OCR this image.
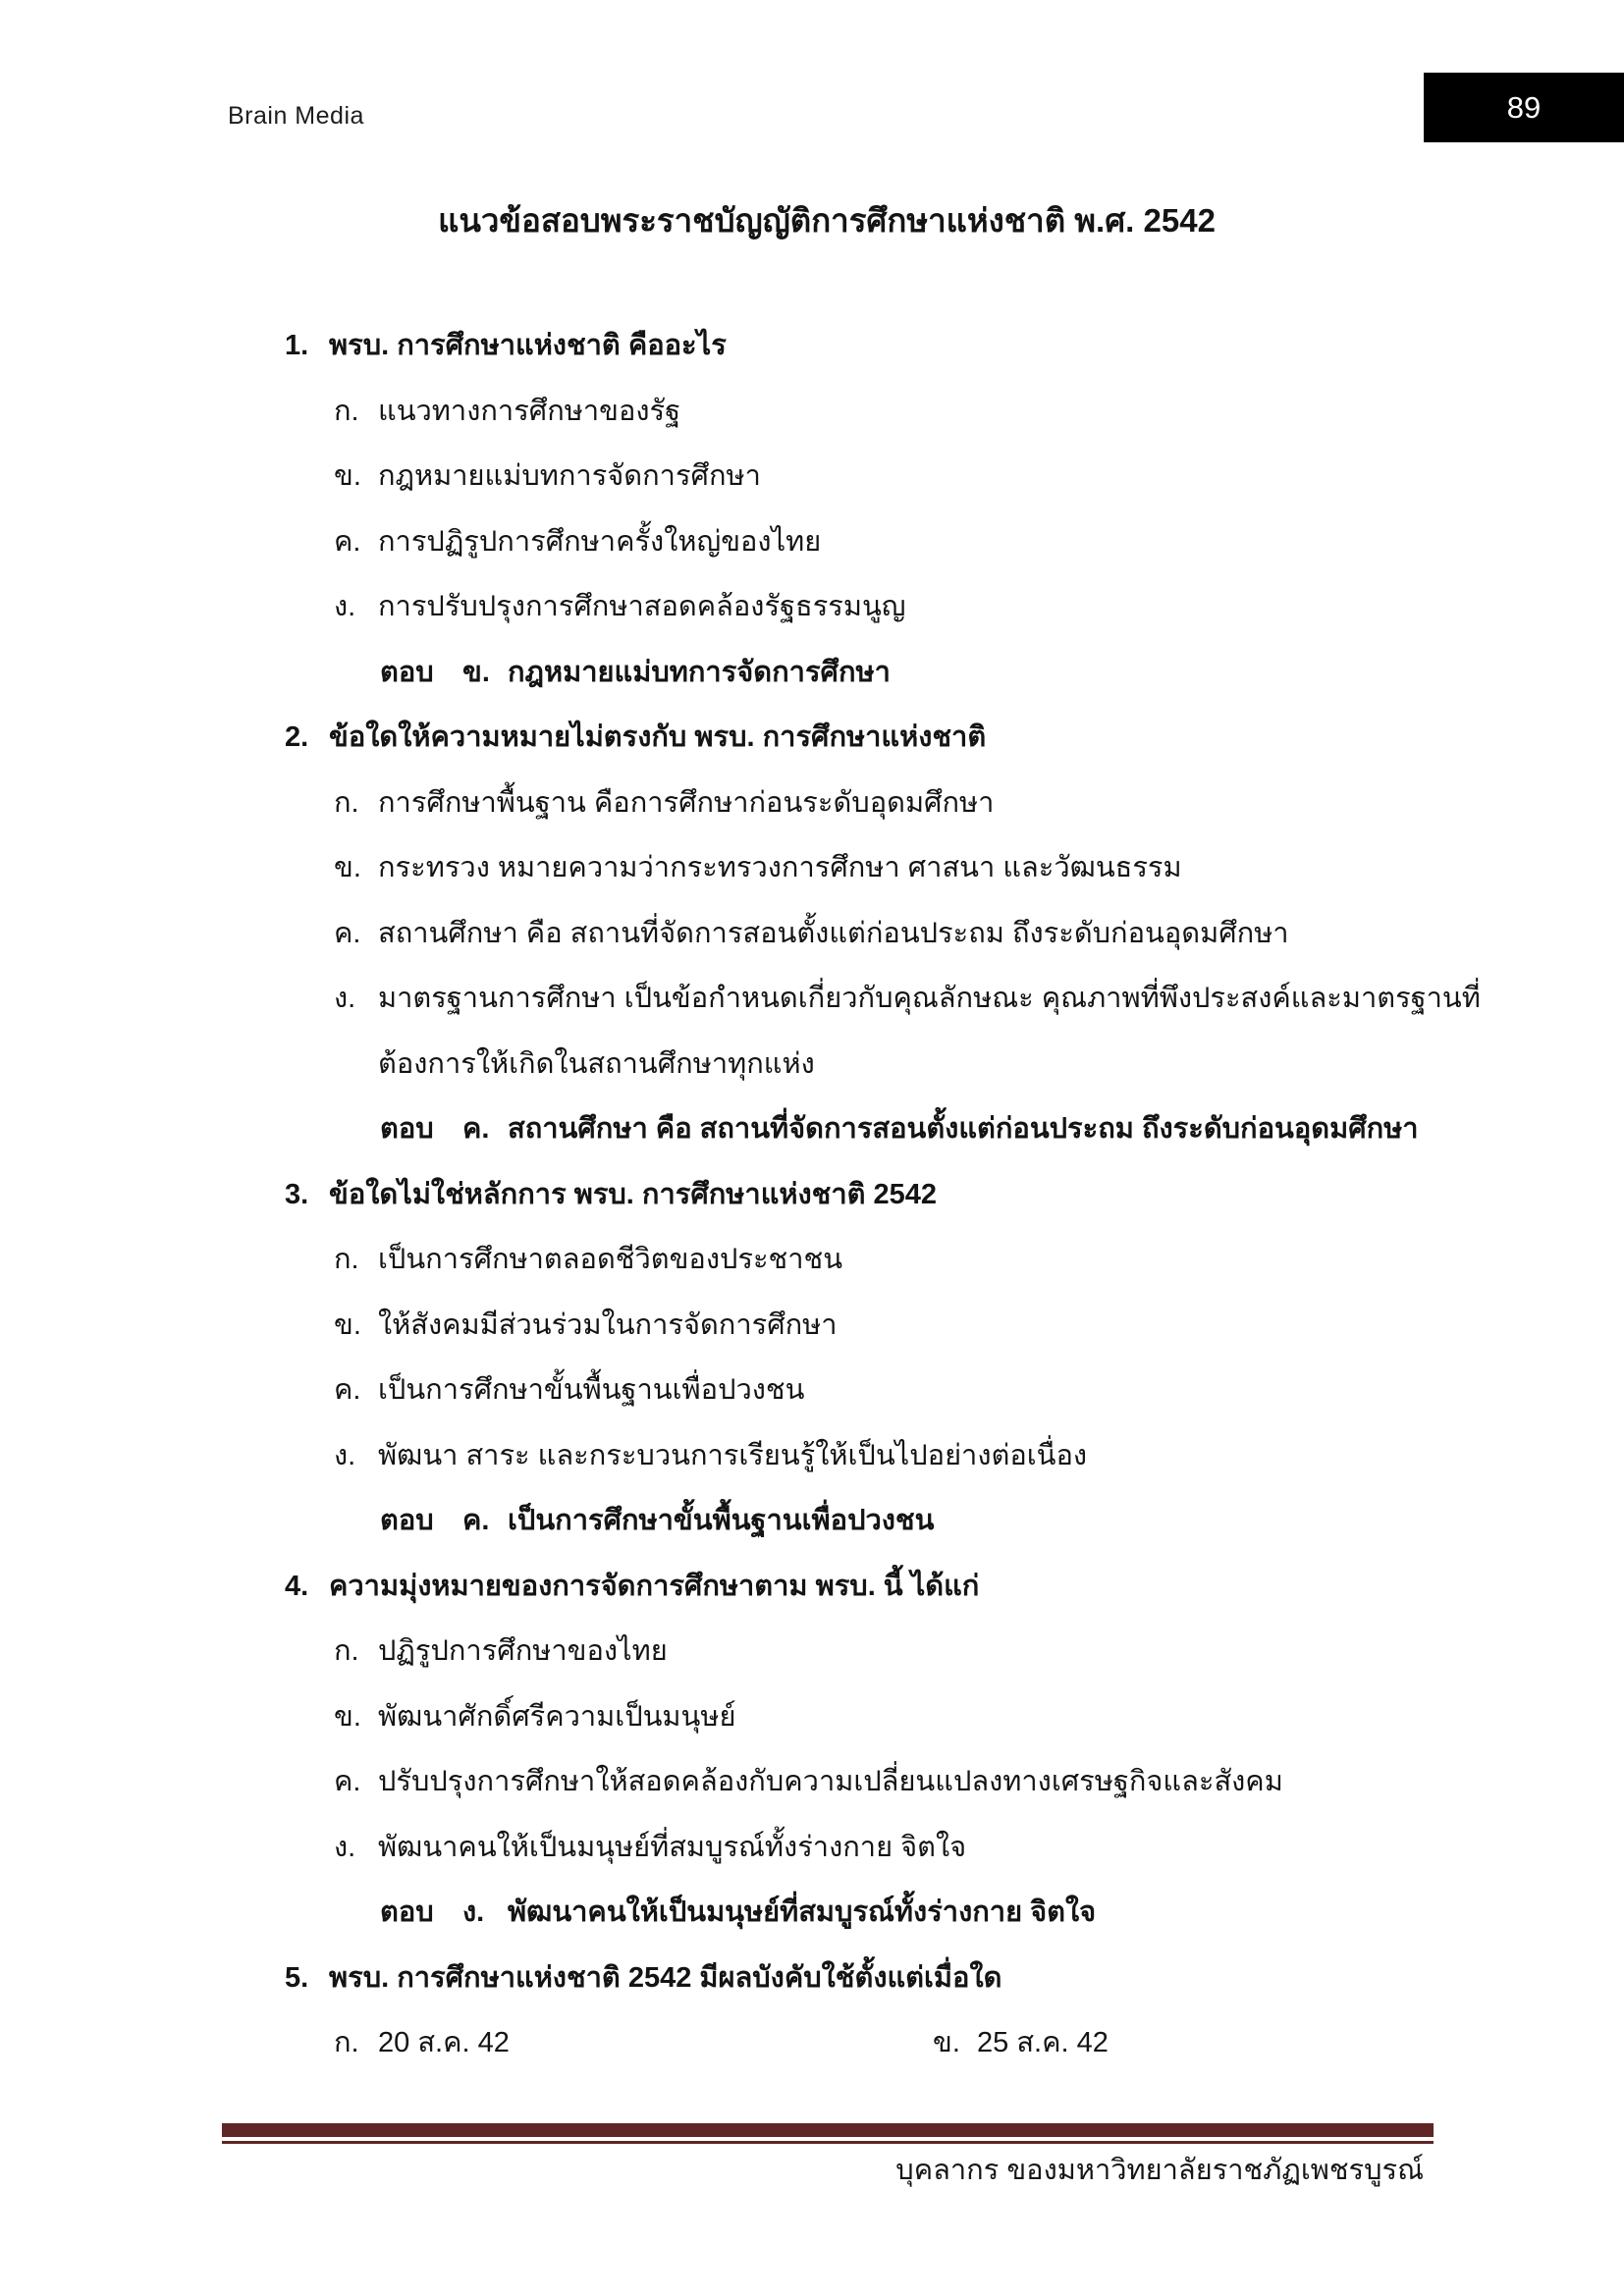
Brain Media	89
แนวข้อสอบพระราชบัญญัติการศึกษาแห่งชาติ พ.ศ. 2542
1. พรบ. การศึกษาแห่งชาติ คืออะไร
ก. แนวทางการศึกษาของรัฐ
ข. กฎหมายแม่บทการจัดการศึกษา
ค. การปฏิรูปการศึกษาครั้งใหญ่ของไทย
ง. การปรับปรุงการศึกษาสอดคล้องรัฐธรรมนูญ
ตอบ ข. กฎหมายแม่บทการจัดการศึกษา
2. ข้อใดให้ความหมายไม่ตรงกับ พรบ. การศึกษาแห่งชาติ
ก. การศึกษาพื้นฐาน คือการศึกษาก่อนระดับอุดมศึกษา
ข. กระทรวง หมายความว่ากระทรวงการศึกษา ศาสนา และวัฒนธรรม
ค. สถานศึกษา คือ สถานที่จัดการสอนตั้งแต่ก่อนประถม ถึงระดับก่อนอุดมศึกษา
ง. มาตรฐานการศึกษา เป็นข้อกำหนดเกี่ยวกับคุณลักษณะ คุณภาพที่พึงประสงค์และมาตรฐานที่
ต้องการให้เกิดในสถานศึกษาทุกแห่ง
ตอบ ค. สถานศึกษา คือ สถานที่จัดการสอนตั้งแต่ก่อนประถม ถึงระดับก่อนอุดมศึกษา
3. ข้อใดไม่ใช่หลักการ พรบ. การศึกษาแห่งชาติ 2542
ก. เป็นการศึกษาตลอดชีวิตของประชาชน
ข. ให้สังคมมีส่วนร่วมในการจัดการศึกษา
ค. เป็นการศึกษาขั้นพื้นฐานเพื่อปวงชน
ง. พัฒนา สาระ และกระบวนการเรียนรู้ให้เป็นไปอย่างต่อเนื่อง
ตอบ ค. เป็นการศึกษาขั้นพื้นฐานเพื่อปวงชน
4. ความมุ่งหมายของการจัดการศึกษาตาม พรบ. นี้ ได้แก่
ก. ปฏิรูปการศึกษาของไทย
ข. พัฒนาศักดิ์ศรีความเป็นมนุษย์
ค. ปรับปรุงการศึกษาให้สอดคล้องกับความเปลี่ยนแปลงทางเศรษฐกิจและสังคม
ง. พัฒนาคนให้เป็นมนุษย์ที่สมบูรณ์ทั้งร่างกาย จิตใจ
ตอบ ง. พัฒนาคนให้เป็นมนุษย์ที่สมบูรณ์ทั้งร่างกาย จิตใจ
5. พรบ. การศึกษาแห่งชาติ 2542 มีผลบังคับใช้ตั้งแต่เมื่อใด
ก. 20 ส.ค. 42	ข. 25 ส.ค. 42
บุคลากร ของมหาวิทยาลัยราชภัฏเพชรบูรณ์
